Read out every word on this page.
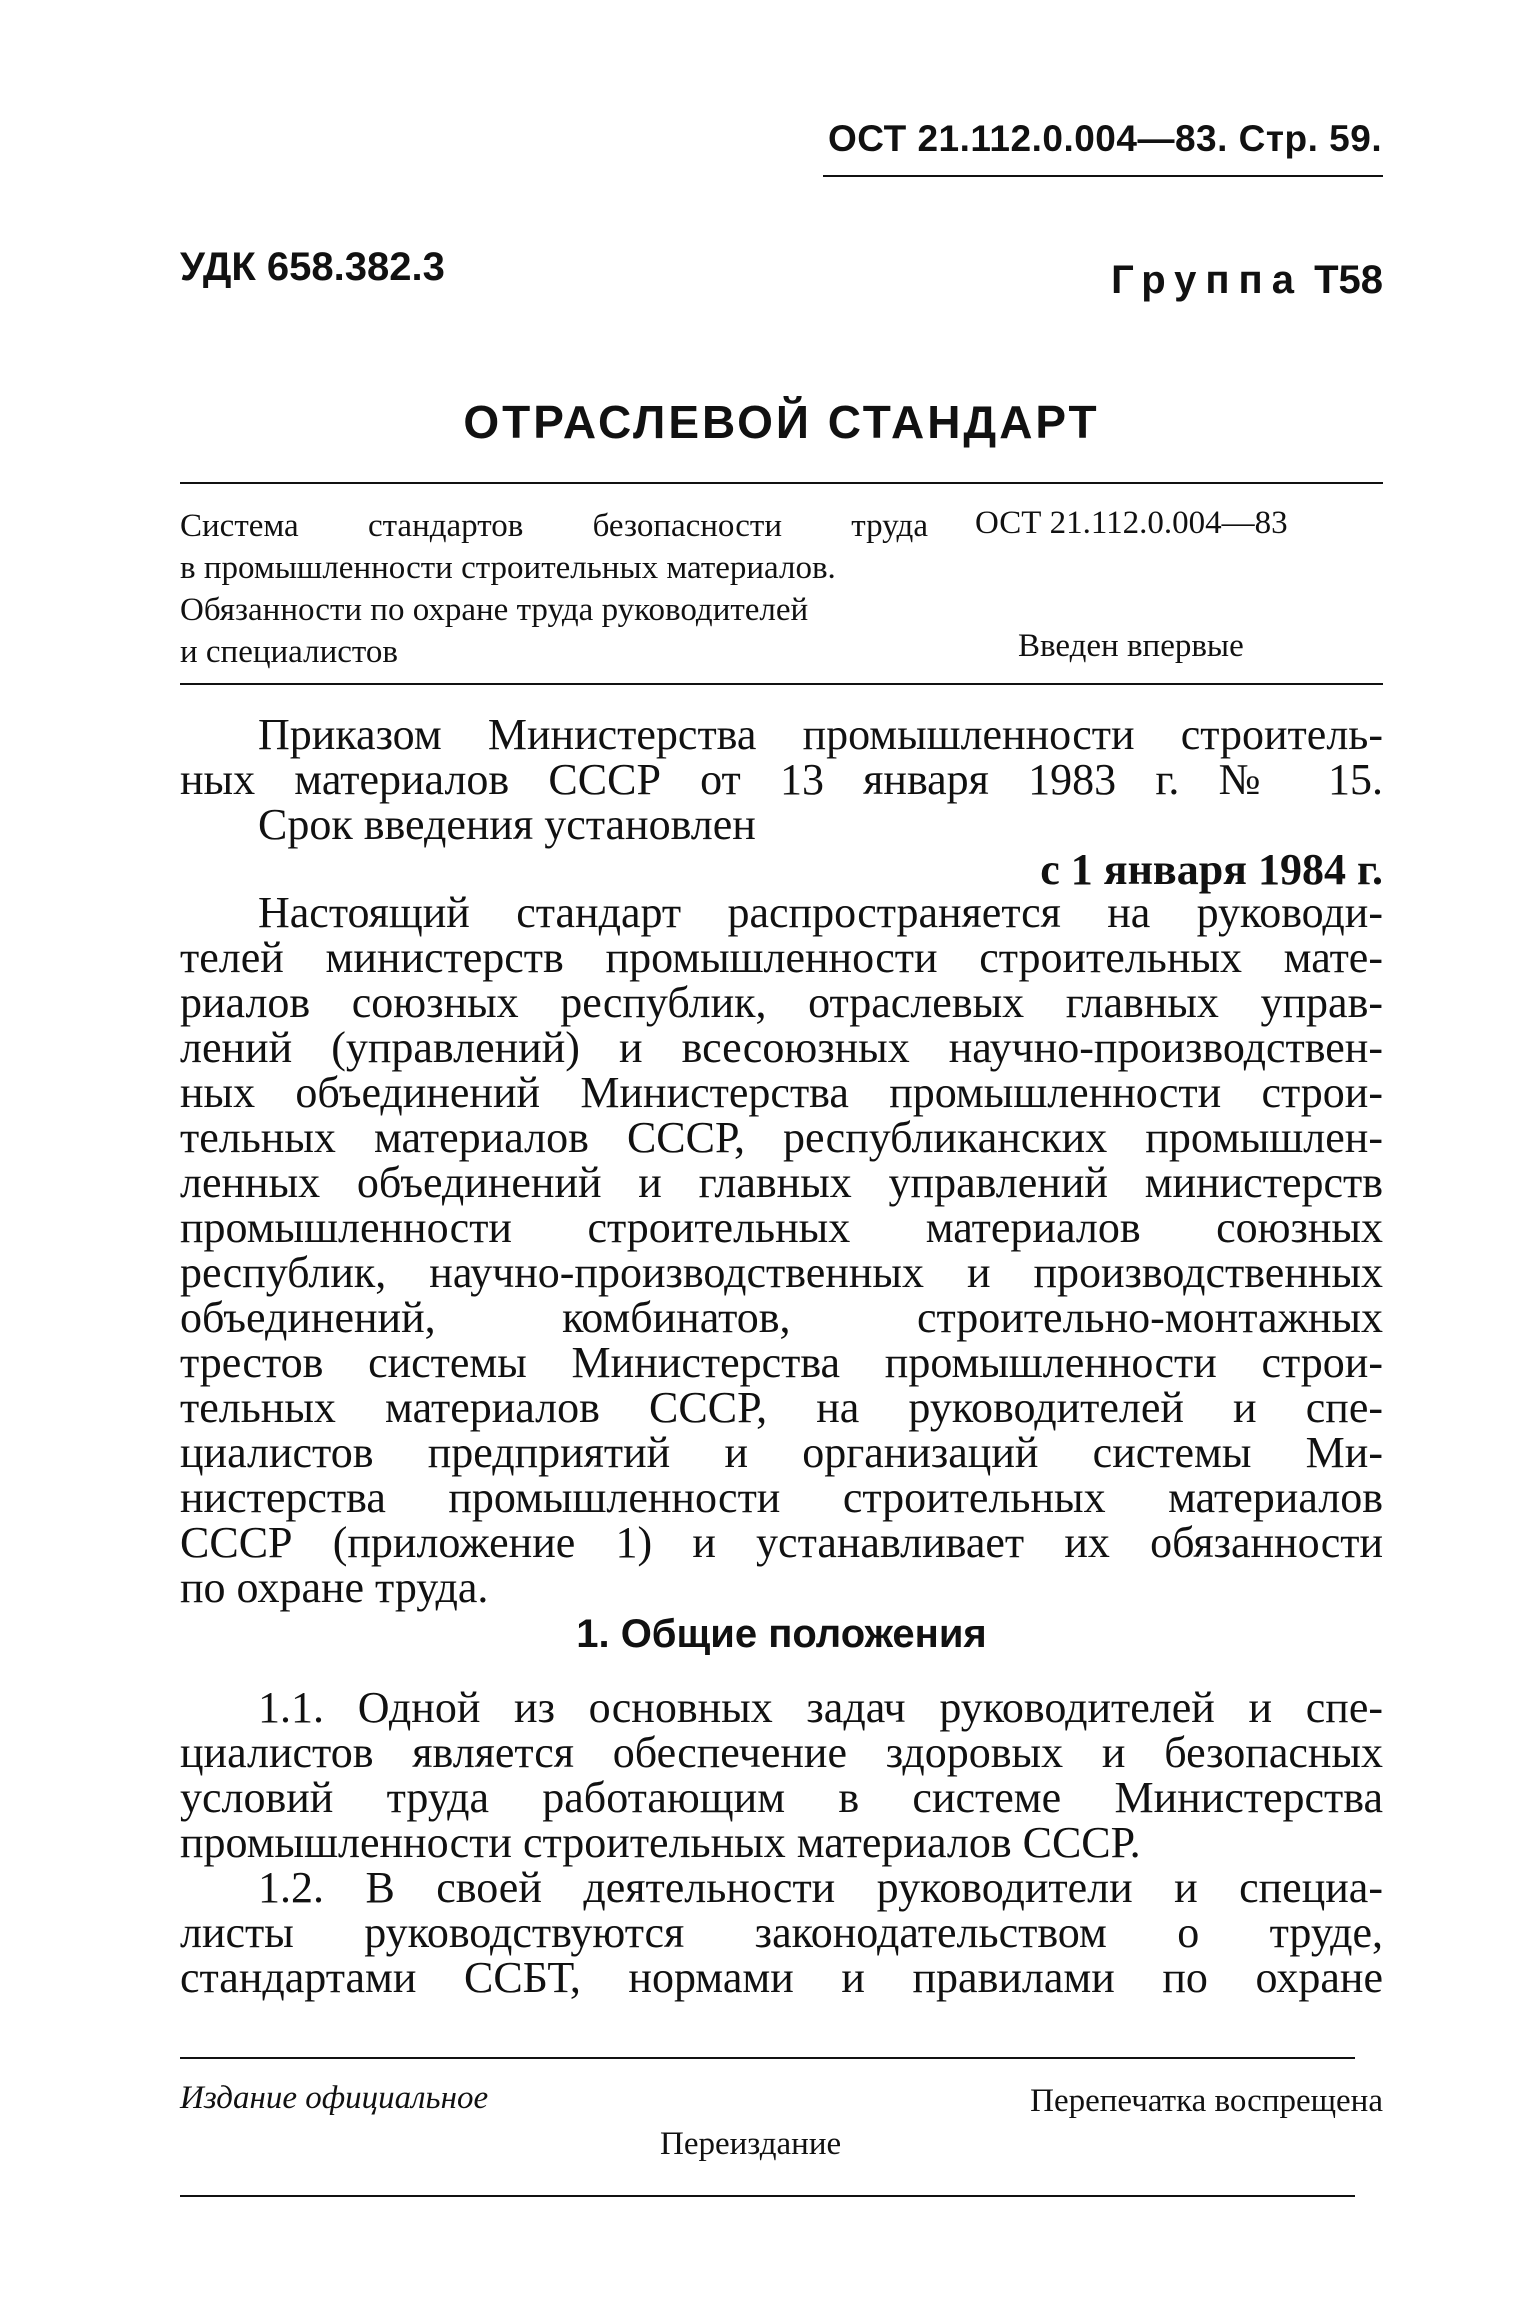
ОСТ 21.112.0.004—83. Стр. 59.
УДК 658.382.3	Группа Т58
ОТРАСЛЕВОЙ СТАНДАРТ
Система стандартов безопасности труда
в промышленности строительных материалов.
Обязанности по охране труда руководителей
и специалистов
ОСТ 21.112.0.004—83
Введен впервые
Приказом Министерства промышленности строитель-
ных материалов СССР от 13 января 1983 г. № 15.
Срок введения установлен
с 1 января 1984 г.
Настоящий стандарт распространяется на руководи-
телей министерств промышленности строительных мате-
риалов союзных республик, отраслевых главных управ-
лений (управлений) и всесоюзных научно-производствен-
ных объединений Министерства промышленности строи-
тельных материалов СССР, республиканских промышлен-
ленных объединений и главных управлений министерств
промышленности строительных материалов союзных
республик, научно-производственных и производственных
объединений, комбинатов, строительно-монтажных
трестов системы Министерства промышленности строи-
тельных материалов СССР, на руководителей и спе-
циалистов предприятий и организаций системы Ми-
нистерства промышленности строительных материалов
СССР (приложение 1) и устанавливает их обязанности
по охране труда.
1. Общие положения
1.1. Одной из основных задач руководителей и спе-
циалистов является обеспечение здоровых и безопасных
условий труда работающим в системе Министерства
промышленности строительных материалов СССР.
1.2. В своей деятельности руководители и специа-
листы руководствуются законодательством о труде,
стандартами ССБТ, нормами и правилами по охране
Издание официальное	Перепечатка воспрещена
Переиздание
